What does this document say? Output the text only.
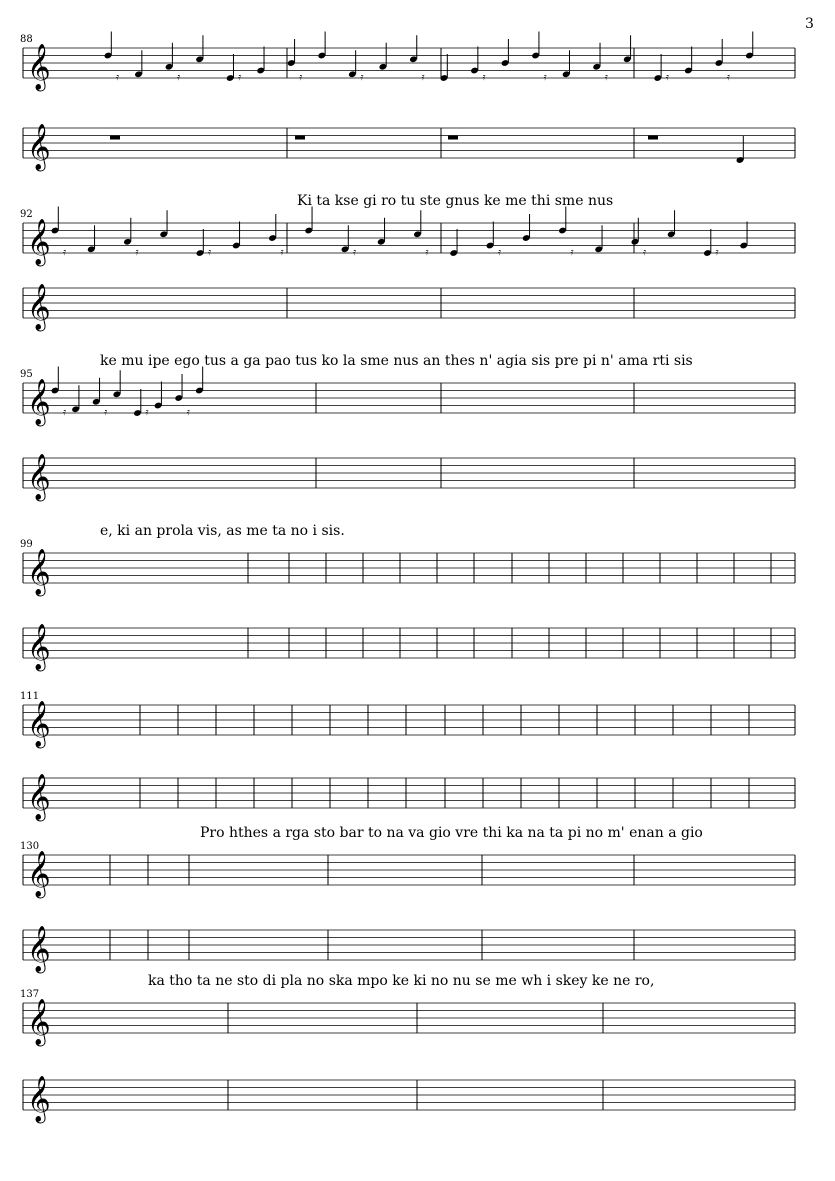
3
𝄞
𝄞
𝄞
𝄞
𝄞
𝄞
𝄞
𝄞
𝄞
𝄞
𝄞
𝄞
𝄞
𝄞
𝄿	𝄿	𝄿	𝄿	𝄿	𝄿	𝄿	𝄿	𝄿	𝄿	𝄿
𝄿	𝄿	𝄿	𝄿	𝄿	𝄿	𝄿	𝄿	𝄿	𝄿
𝄿	𝄿	𝄿	𝄿
88
92
Ki ta kse gi ro tu ste gnus ke me thi sme nus
95
ke mu ipe ego tus a ga pao tus ko la sme nus an thes n' agia sis pre pi n' ama rti sis
99
e, ki an prola vis, as me ta no i sis.
111
130
Pro hthes a rga sto bar to na va gio vre thi ka na ta pi no m' enan a gio
137
ka tho ta ne sto di pla no ska mpo ke ki no nu se me wh i skey ke ne ro,
